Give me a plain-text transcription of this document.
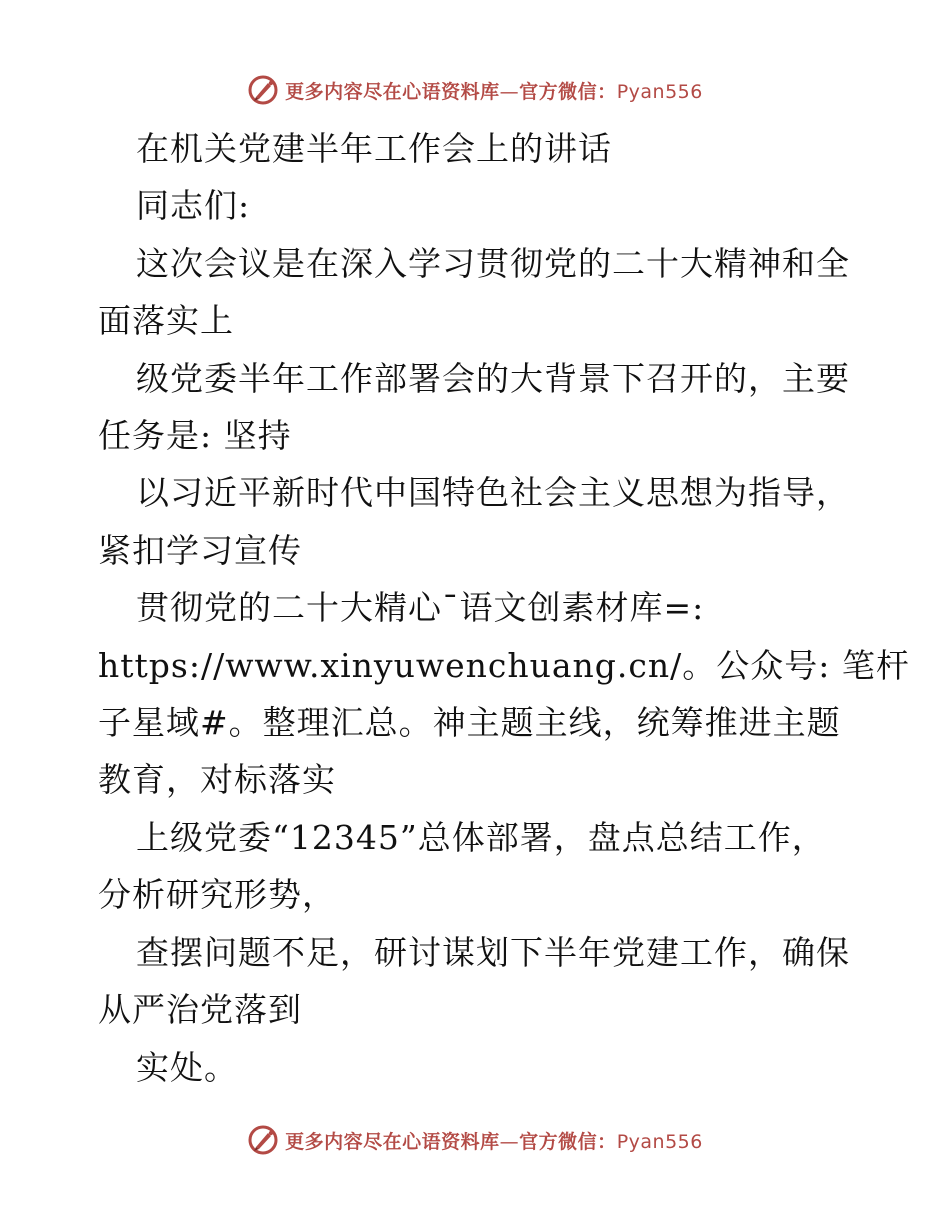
更多内容尽在心语资料库—官方微信：Pyan556

在机关党建半年工作会上的讲话

同志们:

这次会议是在深入学习贯彻党的二十大精神和全

面落实上

级党委半年工作部署会的大背景下召开的，主要

任务是: 坚持

以习近平新时代中国特色社会主义思想为指导，

紧扣学习宣传

贯彻党的二十大精心¯语文创素材库=:

https://www.xinyuwenchuang.cn/。公众号: 笔杆

子星域#。整理汇总。神主题主线，统筹推进主题

教育，对标落实

上级党委“12345”总体部署，盘点总结工作，

分析研究形势，

查摆问题不足，研讨谋划下半年党建工作，确保

从严治党落到

实处。

更多内容尽在心语资料库—官方微信：Pyan556
